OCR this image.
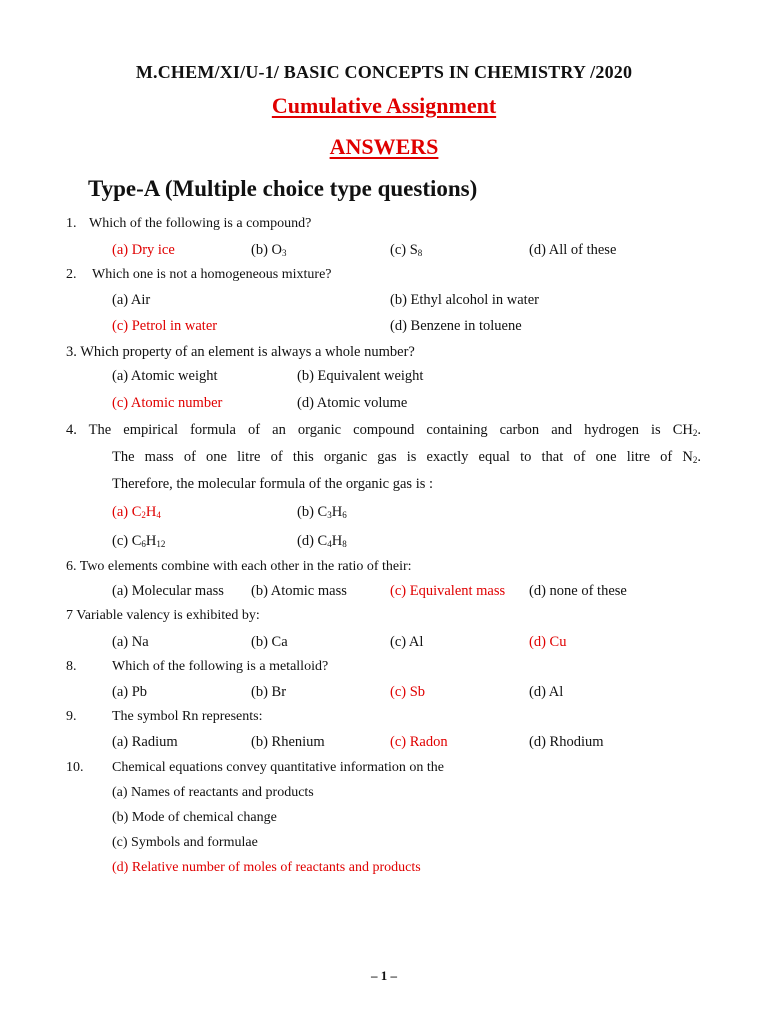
M.CHEM/XI/U-1/ BASIC CONCEPTS IN CHEMISTRY /2020
Cumulative Assignment
ANSWERS
Type-A (Multiple choice type questions)
1. Which of the following is a compound?
(a) Dry ice	(b) $O_3$	(c) $S_8$	(d) All of these
2. Which one is not a homogeneous mixture?
(a) Air	(b) Ethyl alcohol in water
(c) Petrol in water	(d) Benzene in toluene
3. Which property of an element is always a whole number?
(a) Atomic weight	(b) Equivalent weight
(c) Atomic number	(d) Atomic volume
4. The empirical formula of an organic compound containing carbon and hydrogen is $CH_2$.
The mass of one litre of this organic gas is exactly equal to that of one litre of $N_2$.
Therefore, the molecular formula of the organic gas is :
(a) $C_2H_4$	(b) $C_3H_6$
(c) $C_6H_{12}$	(d) $C_4H_8$
6. Two elements combine with each other in the ratio of their:
(a) Molecular mass (b) Atomic mass	(c) Equivalent mass (d) none of these
7 Variable valency is exhibited by:
(a) Na	(b) Ca	(c) Al	(d) Cu
8.	Which of the following is a metalloid?
(a) Pb	(b) Br	(c) Sb	(d) Al
9.	The symbol Rn represents:
(a) Radium	(b) Rhenium	(c) Radon	(d) Rhodium
10. Chemical equations convey quantitative information on the
(a) Names of reactants and products
(b) Mode of chemical change
(c) Symbols and formulae
(d) Relative number of moles of reactants and products
– 1 –
